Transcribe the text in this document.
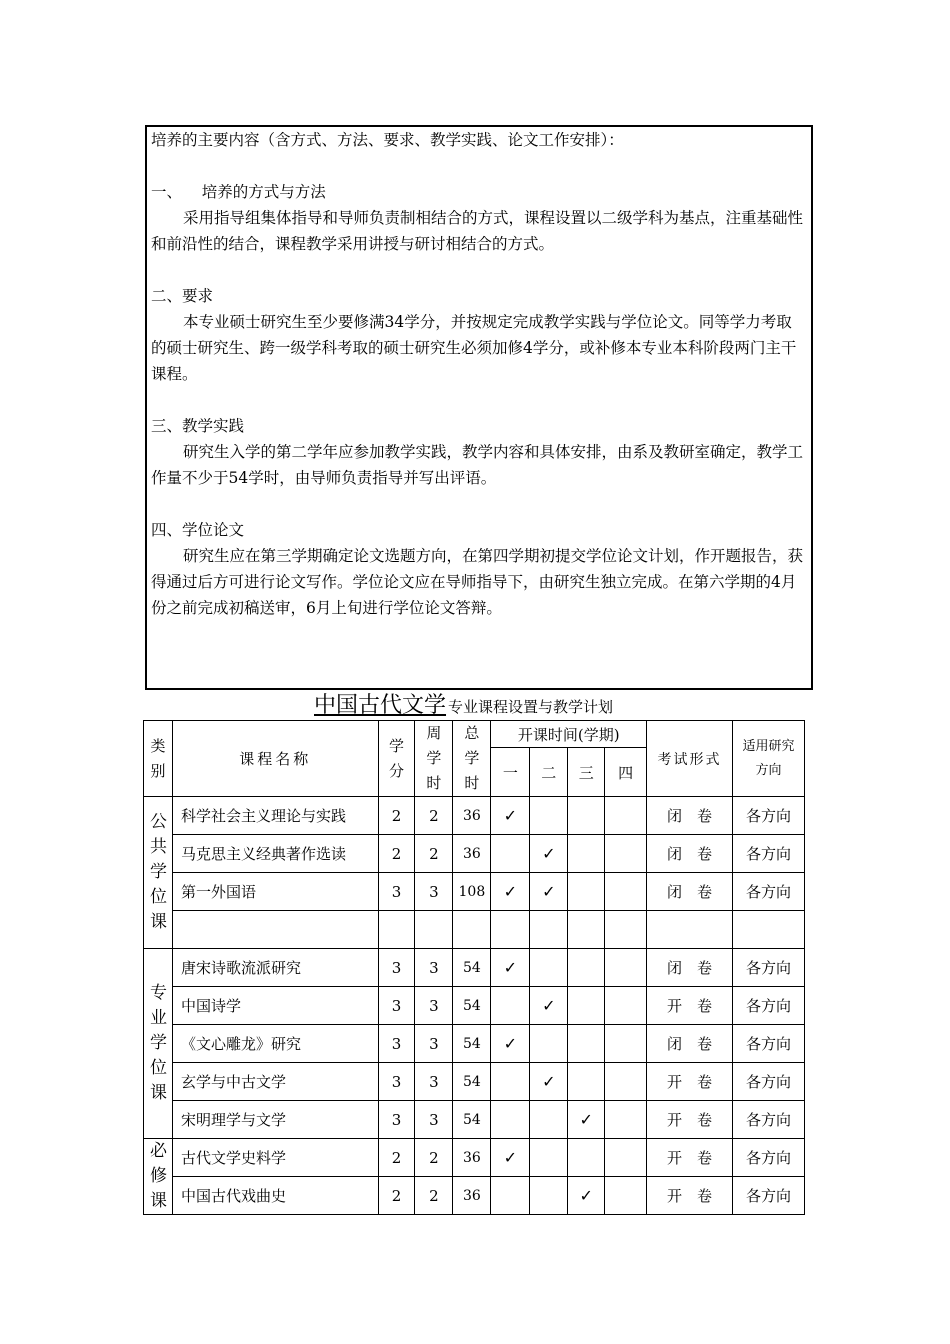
培养的主要内容（含方式、方法、要求、教学实践、论文工作安排）：

一、    培养的方式与方法

采用指导组集体指导和导师负责制相结合的方式，课程设置以二级学科为基点，注重基础性和前沿性的结合，课程教学采用讲授与研讨相结合的方式。

二、要求

本专业硕士研究生至少要修满34学分，并按规定完成教学实践与学位论文。同等学力考取的硕士研究生、跨一级学科考取的硕士研究生必须加修4学分，或补修本专业本科阶段两门主干课程。

三、教学实践

研究生入学的第二学年应参加教学实践，教学内容和具体安排，由系及教研室确定，教学工作量不少于54学时，由导师负责指导并写出评语。

四、学位论文

研究生应在第三学期确定论文选题方向，在第四学期初提交学位论文计划，作开题报告，获得通过后方可进行论文写作。学位论文应在导师指导下，由研究生独立完成。在第六学期的4月份之前完成初稿送审，6月上旬进行学位论文答辩。

中国古代文学 专业课程设置与教学计划
类别	课程名称	学分	周学时	总学时	开课时间(学期)				考试形式	适用研究方向
					一	二	三	四		
公共学位课	科学社会主义理论与实践	2	2	36	✓				闭　卷	各方向
	马克思主义经典著作选读	2	2	36		✓			闭　卷	各方向
	第一外国语	3	3	108	✓	✓			闭　卷	各方向

专业学位课	唐宋诗歌流派研究	3	3	54	✓				闭　卷	各方向
	中国诗学	3	3	54		✓			开　卷	各方向
	《文心雕龙》研究	3	3	54	✓				闭　卷	各方向
	玄学与中古文学	3	3	54		✓			开　卷	各方向
	宋明理学与文学	3	3	54			✓		开　卷	各方向
必修课	古代文学史料学	2	2	36	✓				开　卷	各方向
	中国古代戏曲史	2	2	36			✓		开　卷	各方向
